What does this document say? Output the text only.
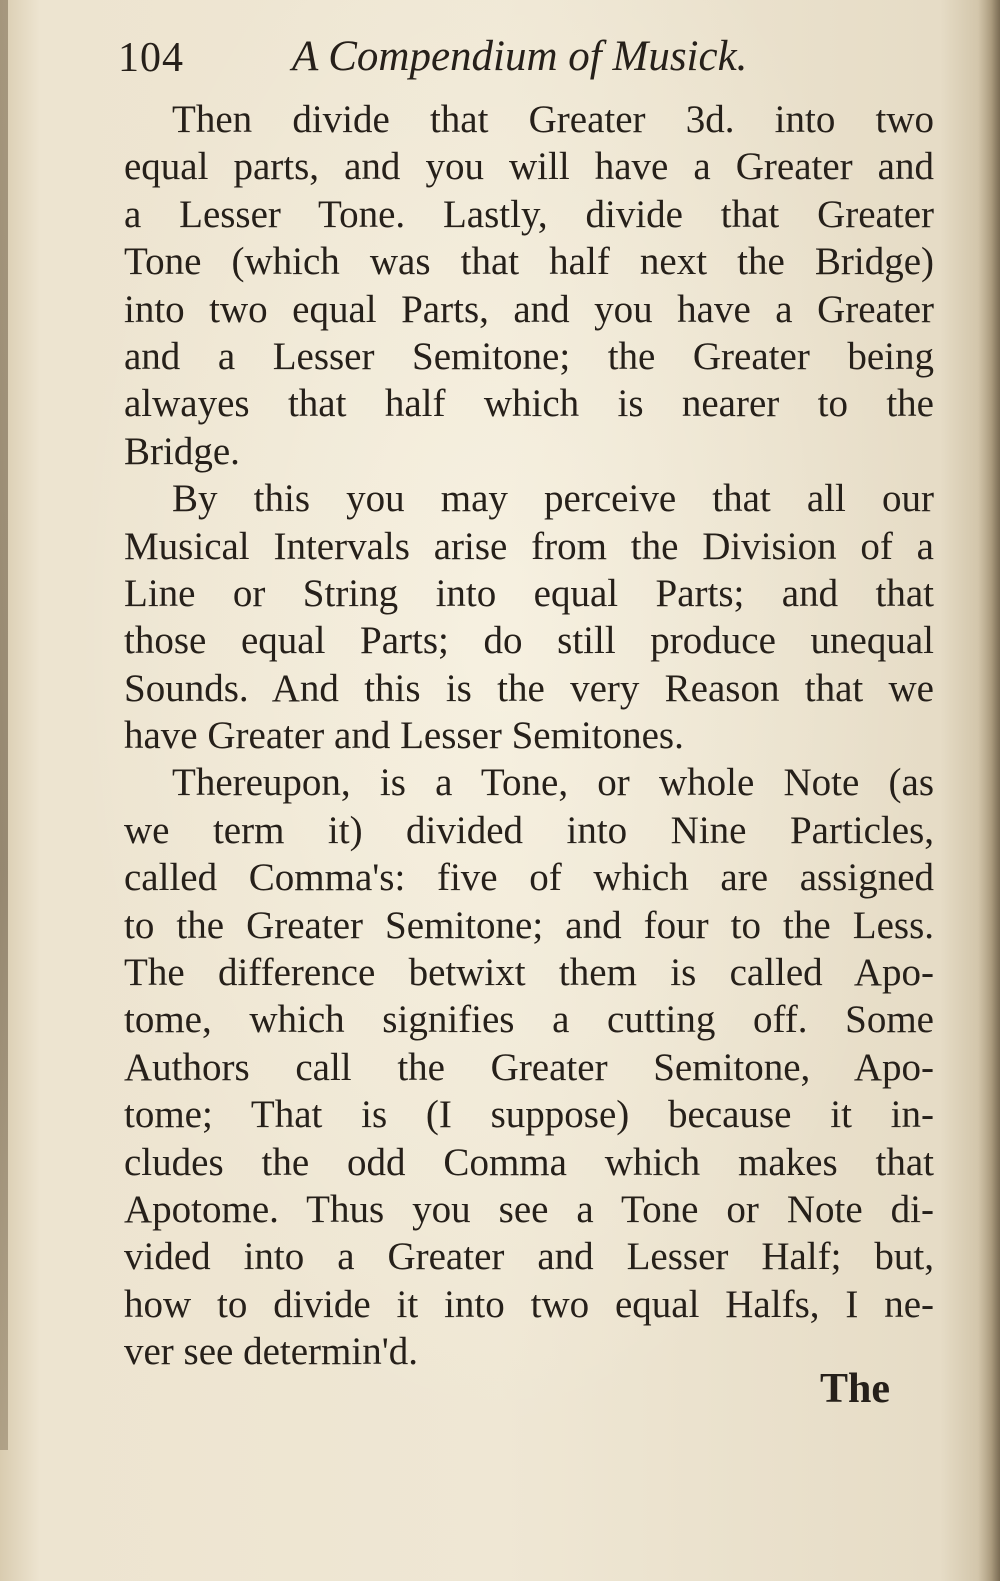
104	A Compendium of Musick.
Then divide that Greater 3d. into two
equal parts, and you will have a Greater and
a Lesser Tone. Lastly, divide that Greater
Tone (which was that half next the Bridge)
into two equal Parts, and you have a Greater
and a Lesser Semitone; the Greater being
alwayes that half which is nearer to the
Bridge.
By this you may perceive that all our
Musical Intervals arise from the Division of a
Line or String into equal Parts; and that
those equal Parts; do still produce unequal
Sounds. And this is the very Reason that we
have Greater and Lesser Semitones.
Thereupon, is a Tone, or whole Note (as
we term it) divided into Nine Particles,
called Comma's: five of which are assigned
to the Greater Semitone; and four to the Less.
The difference betwixt them is called Apo-
tome, which signifies a cutting off. Some
Authors call the Greater Semitone, Apo-
tome; That is (I suppose) because it in-
cludes the odd Comma which makes that
Apotome. Thus you see a Tone or Note di-
vided into a Greater and Lesser Half; but,
how to divide it into two equal Halfs, I ne-
ver see determin'd.
The
